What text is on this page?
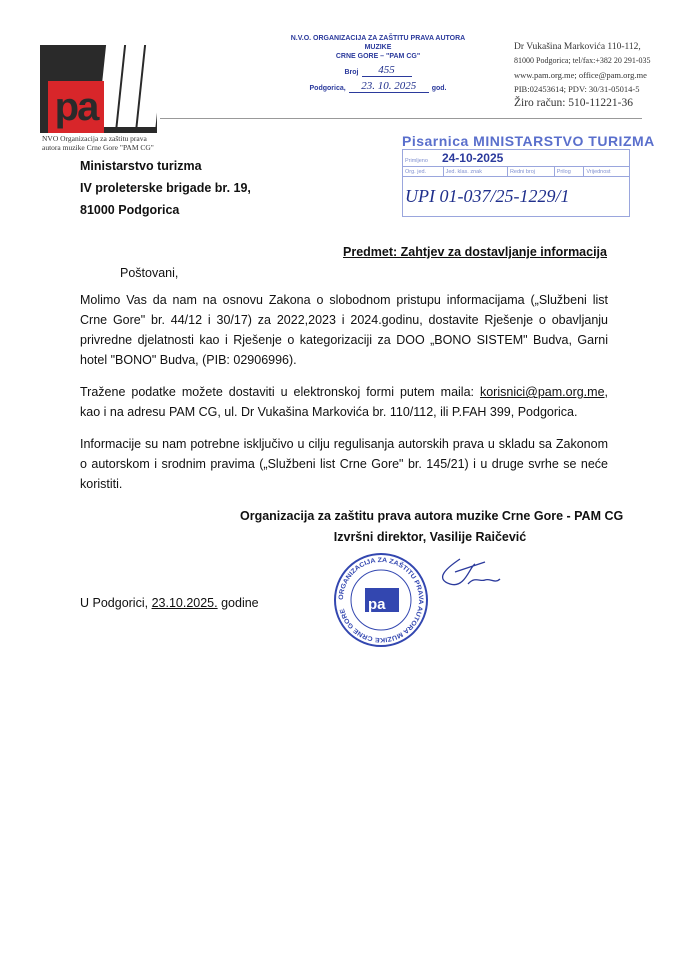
pa
NVO Organizacija za zaštitu prava
autora muzike Crne Gore "PAM CG"
N.V.O. ORGANIZACIJA ZA ZAŠTITU PRAVA AUTORA MUZIKE
CRNE GORE – "PAM CG"
Broj	455
Podgorica,	23. 10. 2025	god.
Dr Vukašina Markovića 110-112,
81000 Podgorica; tel/fax:+382 20 291-035
www.pam.org.me; office@pam.org.me
PIB:02453614; PDV: 30/31-05014-5
Žiro račun: 510-11221-36
Ministarstvo turizma
IV proleterske brigade br. 19,
81000 Podgorica
Pisarnica MINISTARSTVO TURIZMA
Primljeno 24-10-2025
Org. jed.	Jed. klas. znak	Redni broj	Prilog	Vrijednost
UPI 01-037/25-1229/1
Predmet: Zahtjev za dostavljanje informacija
Poštovani,
Molimo Vas da nam na osnovu Zakona o slobodnom pristupu informacijama („Službeni list Crne Gore" br. 44/12 i 30/17) za 2022,2023 i 2024.godinu, dostavite Rješenje o obavljanju privredne djelatnosti kao i Rješenje o kategorizaciji za DOO „BONO SISTEM" Budva, Garni hotel "BONO" Budva, (PIB: 02906996).
Tražene podatke možete dostaviti u elektronskoj formi putem maila: korisnici@pam.org.me, kao i na adresu PAM CG, ul. Dr Vukašina Markovića br. 110/112, ili P.FAH 399, Podgorica.
Informacije su nam potrebne isključivo u cilju regulisanja autorskih prava u skladu sa Zakonom o autorskom i srodnim pravima („Službeni list Crne Gore" br. 145/21) i u druge svrhe se neće koristiti.
Organizacija za zaštitu prava autora muzike Crne Gore - PAM CG
Izvršni direktor, Vasilije Raičević
U Podgorici, 23.10.2025. godine	ORGANIZACIJA ZA ZAŠTITU PRAVA AUTORA MUZIKE CRNE GORE	pa
